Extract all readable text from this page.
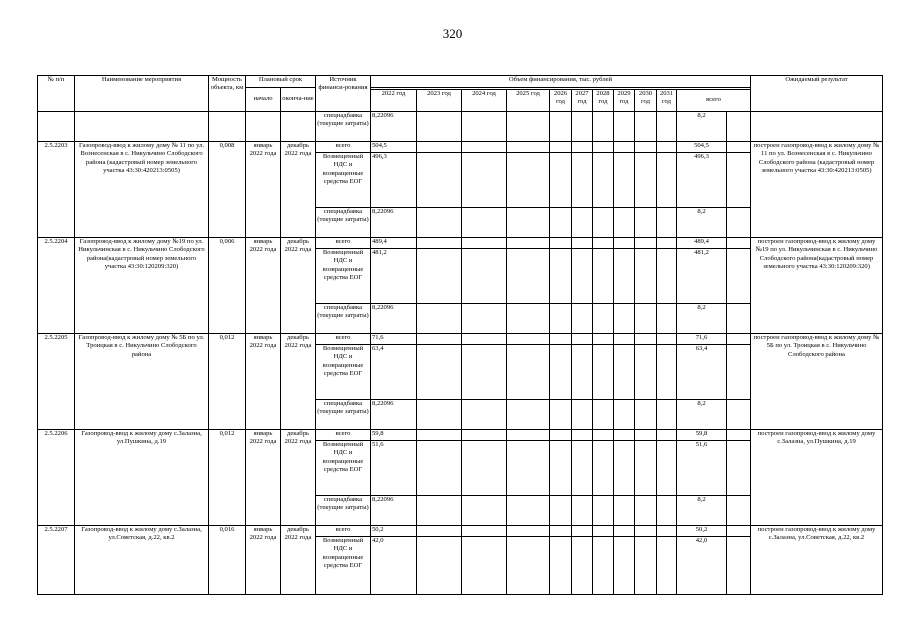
320
№ п/п	Наименование мероприятия	Мощность объекта, км	Плановый срок		Источник финанси-рования	Объем финансирования, тыс. рублей												Ожидаемый результат
			начало	оконча-ние														
						2022 год	2023 год	2024 год	2025 год	2026 год	2027 год	2028 год	2029 год	2030 год	2031 год	всего		
					спецнадбавка (текущие затраты)	8,22096										8,2		
2.5.2203	Газопровод-ввод к жилому дому № 11 по ул. Вознесенская в с. Никульчино Слободского района (кадастровый номер земельного участка 43:30:420213:0505)	0,008	январь 2022 года	декабрь 2022 года	всего	504,5										504,5		построен газопровод-ввод к жилому дому № 11 по ул. Вознесенская в с. Никульчино Слободского района (кадастровый номер земельного участка 43:30:420213:0505)
					Возмещенный НДС и возвращенные средства ЕОГ	496,3										496,3		
					спецнадбавка (текущие затраты)	8,22096										8,2		
2.5.2204	Газопровод-ввод к жилому дому №19 по ул. Никульчинская в с. Никульчино Слободского района(кадастровый номер земельного участка 43:30:120209:320)	0,006	январь 2022 года	декабрь 2022 года	всего	489,4										489,4		построен газопровод-ввод к жилому дому №19 по ул. Никульчинская в с. Никульчино Слободского района(кадастровый номер земельного участка 43:30:120209:320)
					Возмещенный НДС и возвращенные средства ЕОГ	481,2										481,2		
					спецнадбавка (текущие затраты)	8,22096										8,2		
2.5.2205	Газопровод-ввод к жилому дому № 5Б по ул. Троицкая в с. Никульчино Слободского района	0,012	январь 2022 года	декабрь 2022 года	всего	71,6										71,6		построен газопровод-ввод к жилому дому № 5Б по ул. Троицкая в с. Никульчино Слободского района
					Возмещенный НДС и возвращенные средства ЕОГ	63,4										63,4		
					спецнадбавка (текущие затраты)	8,22096										8,2		
2.5.2206	Газопровод-ввод к жилому дому с.Залазна, ул.Пушкина, д.19	0,012	январь 2022 года	декабрь 2022 года	всего	59,8										59,8		построен газопровод-ввод к жилому дому с.Залазна, ул.Пушкина, д.19
					Возмещенный НДС и возвращенные средства ЕОГ	51,6										51,6		
					спецнадбавка (текущие затраты)	8,22096										8,2		
2.5.2207	Газопровод-ввод к жилому дому с.Залазна, ул.Советская, д.22, кв.2	0,016	январь 2022 года	декабрь 2022 года	всего	50,2										50,2		построен газопровод-ввод к жилому дому с.Залазна, ул.Советская, д.22, кв.2
					Возмещенный НДС и возвращенные средства ЕОГ	42,0										42,0		
